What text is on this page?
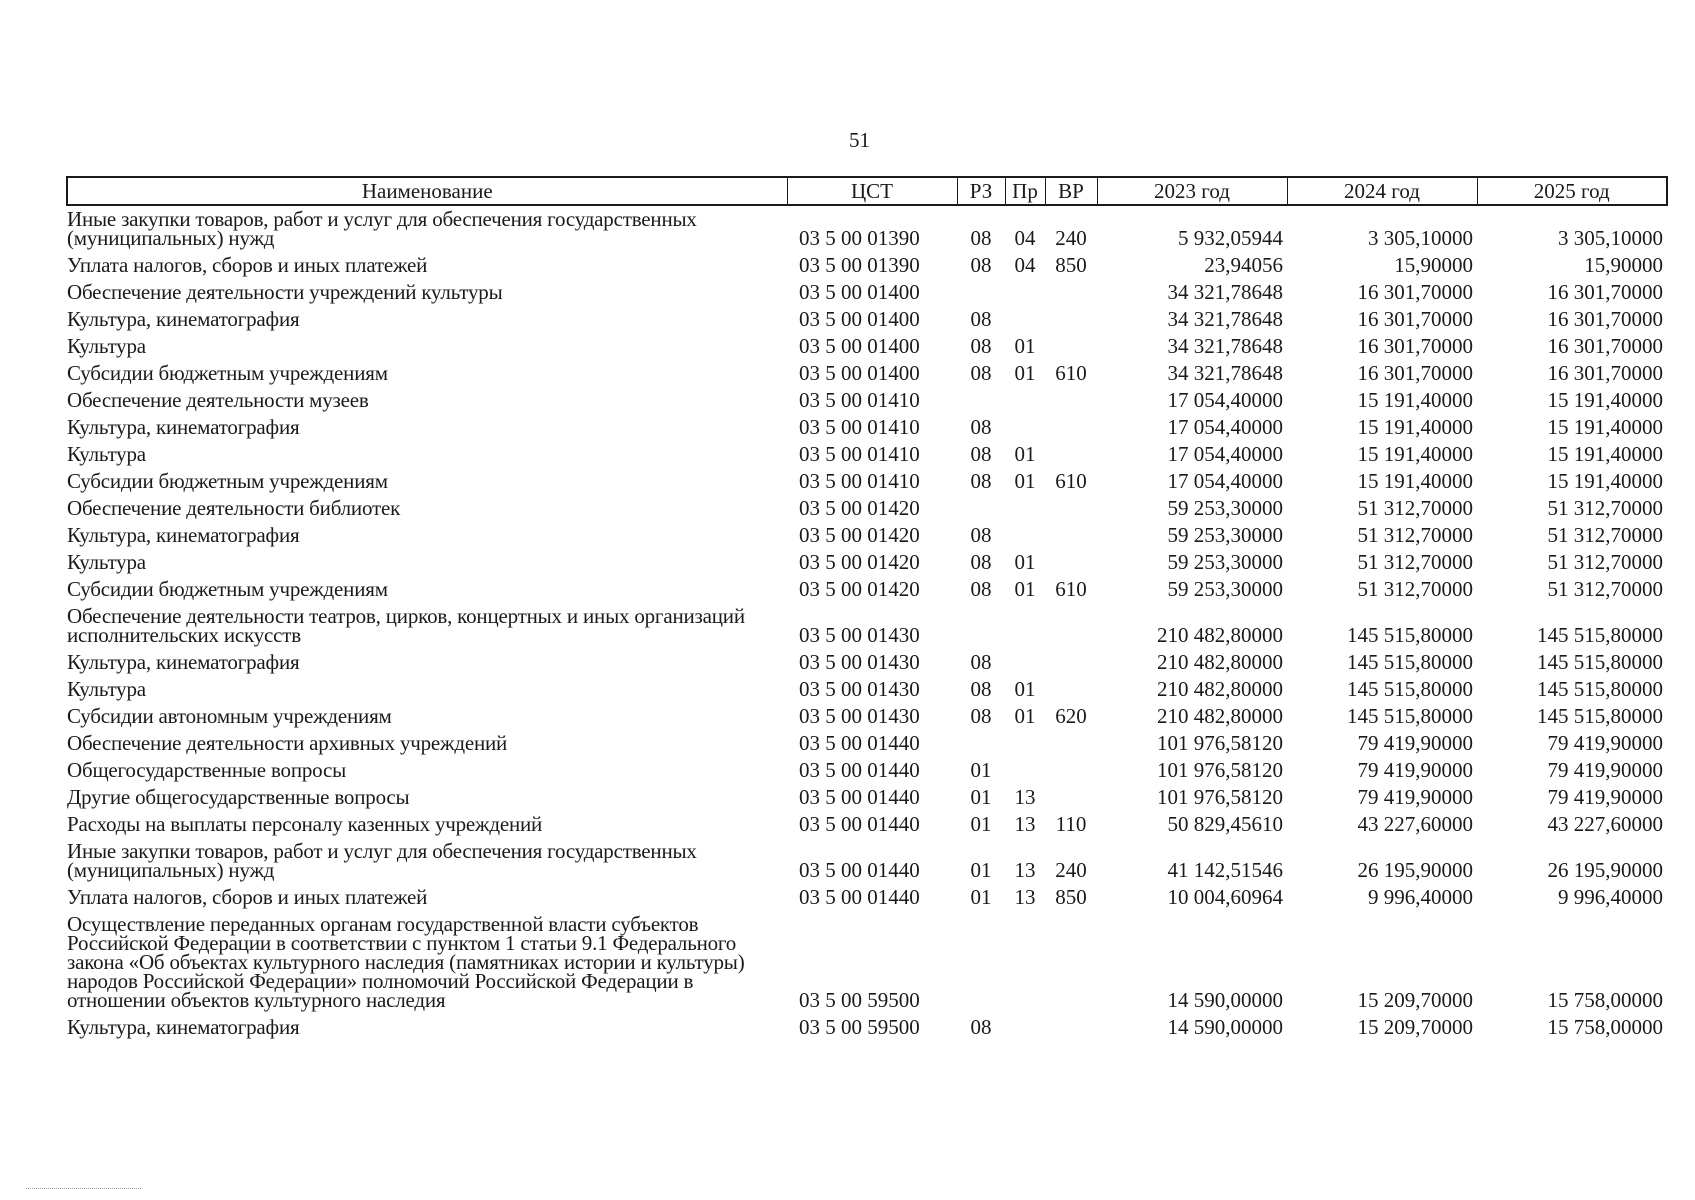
51
Наименование	ЦСТ	РЗ	Пр	ВР	2023 год	2024 год	2025 год
Иные закупки товаров, работ и услуг для обеспечения государственных (муниципальных) нужд	03 5 00 01390	08	04	240	5 932,05944	3 305,10000	3 305,10000
Уплата налогов, сборов и иных платежей	03 5 00 01390	08	04	850	23,94056	15,90000	15,90000
Обеспечение деятельности учреждений культуры	03 5 00 01400				34 321,78648	16 301,70000	16 301,70000
Культура, кинематография	03 5 00 01400	08			34 321,78648	16 301,70000	16 301,70000
Культура	03 5 00 01400	08	01		34 321,78648	16 301,70000	16 301,70000
Субсидии бюджетным учреждениям	03 5 00 01400	08	01	610	34 321,78648	16 301,70000	16 301,70000
Обеспечение деятельности музеев	03 5 00 01410				17 054,40000	15 191,40000	15 191,40000
Культура, кинематография	03 5 00 01410	08			17 054,40000	15 191,40000	15 191,40000
Культура	03 5 00 01410	08	01		17 054,40000	15 191,40000	15 191,40000
Субсидии бюджетным учреждениям	03 5 00 01410	08	01	610	17 054,40000	15 191,40000	15 191,40000
Обеспечение деятельности библиотек	03 5 00 01420				59 253,30000	51 312,70000	51 312,70000
Культура, кинематография	03 5 00 01420	08			59 253,30000	51 312,70000	51 312,70000
Культура	03 5 00 01420	08	01		59 253,30000	51 312,70000	51 312,70000
Субсидии бюджетным учреждениям	03 5 00 01420	08	01	610	59 253,30000	51 312,70000	51 312,70000
Обеспечение деятельности театров, цирков, концертных и иных организаций исполнительских искусств	03 5 00 01430				210 482,80000	145 515,80000	145 515,80000
Культура, кинематография	03 5 00 01430	08			210 482,80000	145 515,80000	145 515,80000
Культура	03 5 00 01430	08	01		210 482,80000	145 515,80000	145 515,80000
Субсидии автономным учреждениям	03 5 00 01430	08	01	620	210 482,80000	145 515,80000	145 515,80000
Обеспечение деятельности архивных учреждений	03 5 00 01440				101 976,58120	79 419,90000	79 419,90000
Общегосударственные вопросы	03 5 00 01440	01			101 976,58120	79 419,90000	79 419,90000
Другие общегосударственные вопросы	03 5 00 01440	01	13		101 976,58120	79 419,90000	79 419,90000
Расходы на выплаты персоналу казенных учреждений	03 5 00 01440	01	13	110	50 829,45610	43 227,60000	43 227,60000
Иные закупки товаров, работ и услуг для обеспечения государственных (муниципальных) нужд	03 5 00 01440	01	13	240	41 142,51546	26 195,90000	26 195,90000
Уплата налогов, сборов и иных платежей	03 5 00 01440	01	13	850	10 004,60964	9 996,40000	9 996,40000
Осуществление переданных органам государственной власти субъектов Российской Федерации в соответствии с пунктом 1 статьи 9.1 Федерального закона «Об объектах культурного наследия (памятниках истории и культуры) народов Российской Федерации» полномочий Российской Федерации в отношении объектов культурного наследия	03 5 00 59500				14 590,00000	15 209,70000	15 758,00000
Культура, кинематография	03 5 00 59500	08			14 590,00000	15 209,70000	15 758,00000
